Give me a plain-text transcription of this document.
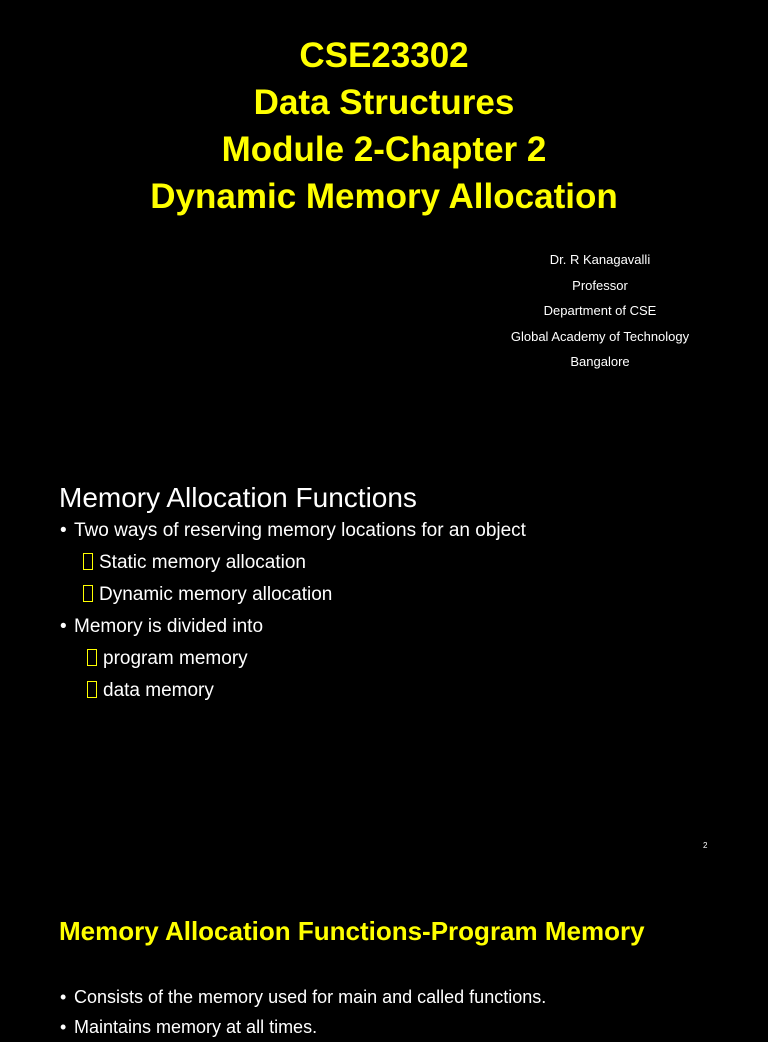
CSE23302
Data Structures
Module 2-Chapter 2
Dynamic Memory Allocation
Dr. R Kanagavalli
Professor
Department of CSE
Global Academy of Technology
Bangalore
Memory Allocation Functions
• Two ways of reserving memory locations for an object
Static memory allocation
Dynamic memory allocation
• Memory is divided into
program memory
data memory
2
Memory Allocation Functions-Program Memory
• Consists of the memory used for main and called functions.
• Maintains memory at all times.
